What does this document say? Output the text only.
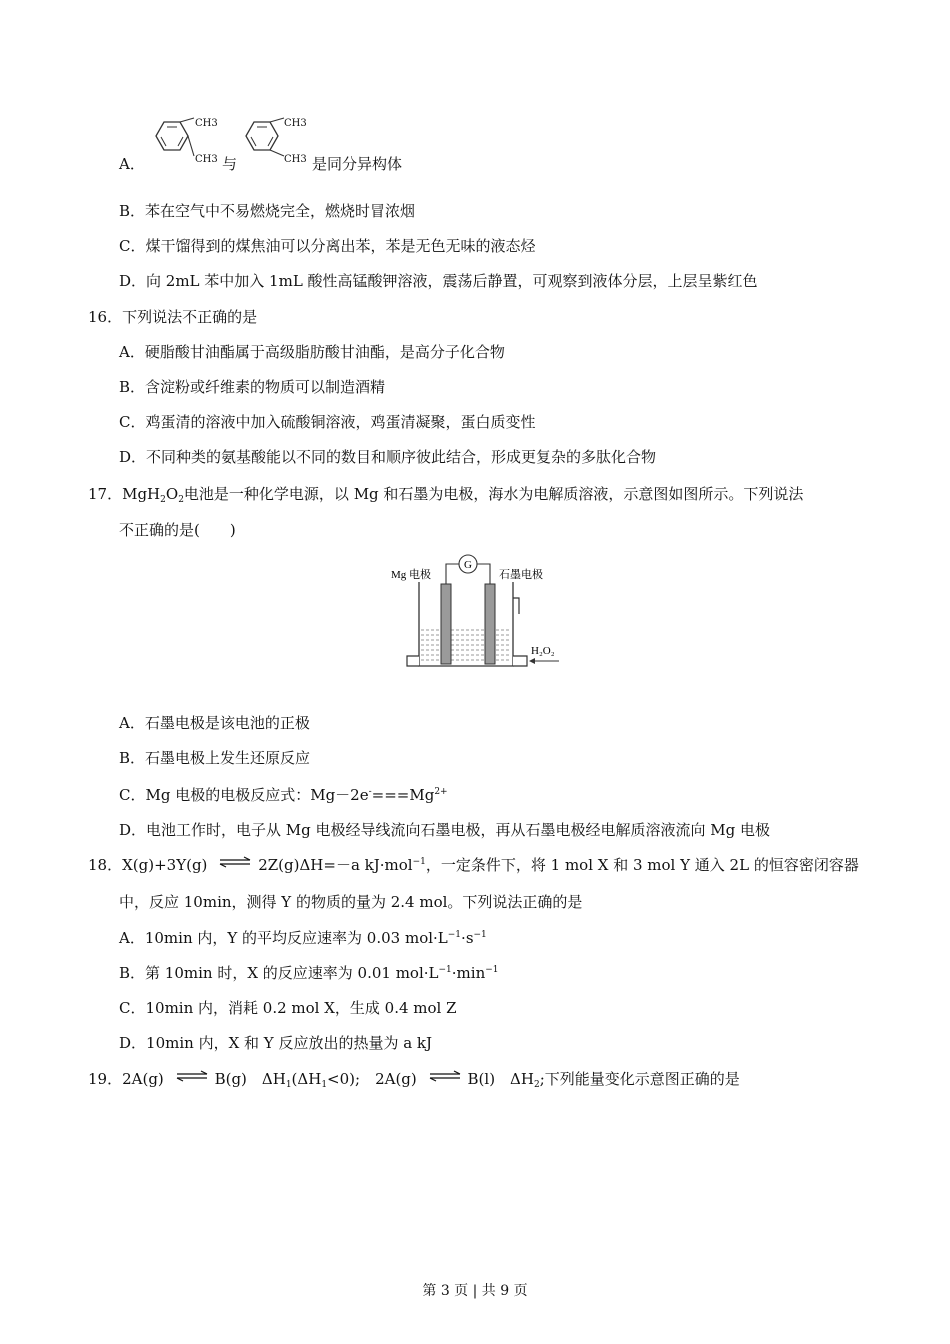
A．
CH3
CH3 与
CH3
CH3 是同分异构体
B．苯在空气中不易燃烧完全，燃烧时冒浓烟
C．煤干馏得到的煤焦油可以分离出苯，苯是无色无味的液态烃
D．向 2mL 苯中加入 1mL 酸性高锰酸钾溶液，震荡后静置，可观察到液体分层，上层呈紫红色
16．下列说法不正确的是
A．硬脂酸甘油酯属于高级脂肪酸甘油酯，是高分子化合物
B．含淀粉或纤维素的物质可以制造酒精
C．鸡蛋清的溶液中加入硫酸铜溶液，鸡蛋清凝聚，蛋白质变性
D．不同种类的氨基酸能以不同的数目和顺序彼此结合，形成更复杂的多肽化合物
17．$MgH_2O_2$电池是一种化学电源，以 Mg 和石墨为电极，海水为电解质溶液，示意图如图所示。下列说法
不正确的是(　　)
G
Mg 电极	石墨电极
H₂O₂
A．石墨电极是该电池的正极
B．石墨电极上发生还原反应
C．Mg 电极的电极反应式：$Mg-2e^-===Mg^{2+}$
D．电池工作时，电子从 Mg 电极经导线流向石墨电极，再从石墨电极经电解质溶液流向 Mg 电极
18．X(g)+3Y(g) ⇌ 2Z(g)ΔH=－a kJ·mol$^{-1}$，一定条件下，将 1 mol X 和 3 mol Y 通入 2L 的恒容密闭容器
中，反应 10min，测得 Y 的物质的量为 2.4 mol。下列说法正确的是
A．10min 内，Y 的平均反应速率为 0.03 $mol\cdot L^{-1}\cdot s^{-1}$
B．第 10min 时，X 的反应速率为 0.01 $mol\cdot L^{-1}\cdot\min^{-1}$
C．10min 内，消耗 0.2 mol X，生成 0.4 mol Z
D．10min 内，X 和 Y 反应放出的热量为 a kJ
19．2A(g) ⇌ B(g)　$\Delta H_1(\Delta H_1<0)$;　2A(g) ⇌ B(l)　$\Delta H_2$;下列能量变化示意图正确的是
第 3 页 | 共 9 页
